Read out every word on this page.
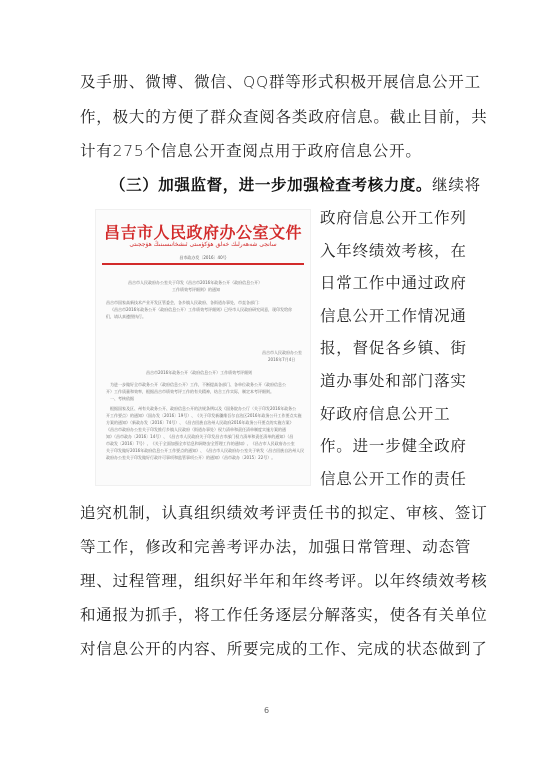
及手册、微博、微信、QQ群等形式积极开展信息公开工
作，极大的方便了群众查阅各类政府信息。截止目前，共
计有275个信息公开查阅点用于政府信息公开。
（三）加强监督，进一步加强检查考核力度。继续将
昌吉市人民政府办公室文件
سانجى شەھەرلىك خەلق ھۆكۈمىتى ئىشخانىسىنىڭ ھۆججىتى
昌市政办发〔2016〕40号
昌吉市人民政府办公室关于印发《昌吉市2016年政务公开（政府信息公开）
工作绩效考评细则》的通知
昌吉市国家高新技术产业开发区管委会，各乡镇人民政府、各街道办事处，市直各部门：
《昌吉市2016年政务公开（政府信息公开）工作绩效考评细则》已经市人民政府研究同意，现印发给你
们，请认真遵照执行。
昌吉市人民政府办公室
2016年7月4日
昌吉市2016年政务公开（政府信息公开）工作绩效考评细则
为进一步做好全市政务公开（政府信息公开）工作，不断提高各部门、各单位政务公开（政府信息公
开）工作质量和效率，根据昌吉市绩效考评工作的有关精神，结合工作实际，制定本考评细则。
一、考核依据
根据国家及区、州有关政务公开、政府信息公开的法规条例以及《国务院办公厅〈关于印发2016年政务公
开工作要点〉的通知》（国办发〔2016〕19号）、《关于印发新疆维吾尔自治区2016年政务公开工作要点实施
方案的通知》（新政办发〔2016〕74号）、《昌吉回族自治州人民政府2016年政务公开要点的实施方案》
《昌吉市政府办公室关于印发推行乡镇人民政府（街道办事处）权力清单和责任清单制度实施方案的通
知》（昌市政办〔2016〕14号）、《昌吉市人民政府关于印发昌吉市部门权力清单和责任清单的通知》（昌
市政发〔2016〕7号）、《关于全面加强全市信息和网络安全管理工作的通知》、《昌吉市人民政府办公室
关于印发做好2016年政府信息公开工作要点的通知》、《昌吉市人民政府办公室关于转发〈昌吉回族自治州人民
政府办公室关于印发做好行政许可事项和监管事项公开〉的通知》（昌市政办〔2015〕22号）。
政府信息公开工作列
入年终绩效考核，在
日常工作中通过政府
信息公开工作情况通
报，督促各乡镇、街
道办事处和部门落实
好政府信息公开工
作。进一步健全政府
信息公开工作的责任
追究机制，认真组织绩效考评责任书的拟定、审核、签订
等工作，修改和完善考评办法，加强日常管理、动态管
理、过程管理，组织好半年和年终考评。以年终绩效考核
和通报为抓手，将工作任务逐层分解落实，使各有关单位
对信息公开的内容、所要完成的工作、完成的状态做到了
6
